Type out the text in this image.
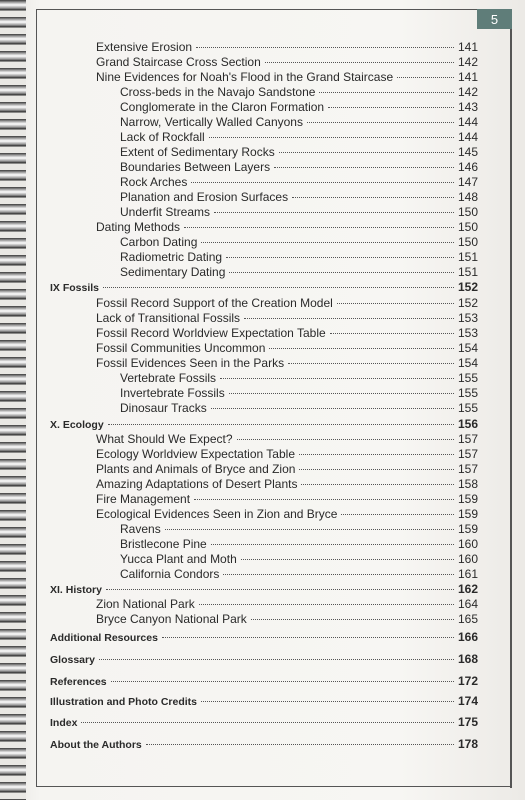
5
Extensive Erosion	141
Grand Staircase Cross Section	142
Nine Evidences for Noah's Flood in the Grand Staircase	141
Cross-beds in the Navajo Sandstone	142
Conglomerate in the Claron Formation	143
Narrow, Vertically Walled Canyons	144
Lack of Rockfall	144
Extent of Sedimentary Rocks	145
Boundaries Between Layers	146
Rock Arches	147
Planation and Erosion Surfaces	148
Underfit Streams	150
Dating Methods	150
Carbon Dating	150
Radiometric Dating	151
Sedimentary Dating	151
IX Fossils	152
Fossil Record Support of the Creation Model	152
Lack of Transitional Fossils	153
Fossil Record Worldview Expectation Table	153
Fossil Communities Uncommon	154
Fossil Evidences Seen in the Parks	154
Vertebrate Fossils	155
Invertebrate Fossils	155
Dinosaur Tracks	155
X. Ecology	156
What Should We Expect?	157
Ecology Worldview Expectation Table	157
Plants and Animals of Bryce and Zion	157
Amazing Adaptations of Desert Plants	158
Fire Management	159
Ecological Evidences Seen in Zion and Bryce	159
Ravens	159
Bristlecone Pine	160
Yucca Plant and Moth	160
California Condors	161
XI. History	162
Zion National Park	164
Bryce Canyon National Park	165
Additional Resources	166
Glossary	168
References	172
Illustration and Photo Credits	174
Index	175
About the Authors	178
